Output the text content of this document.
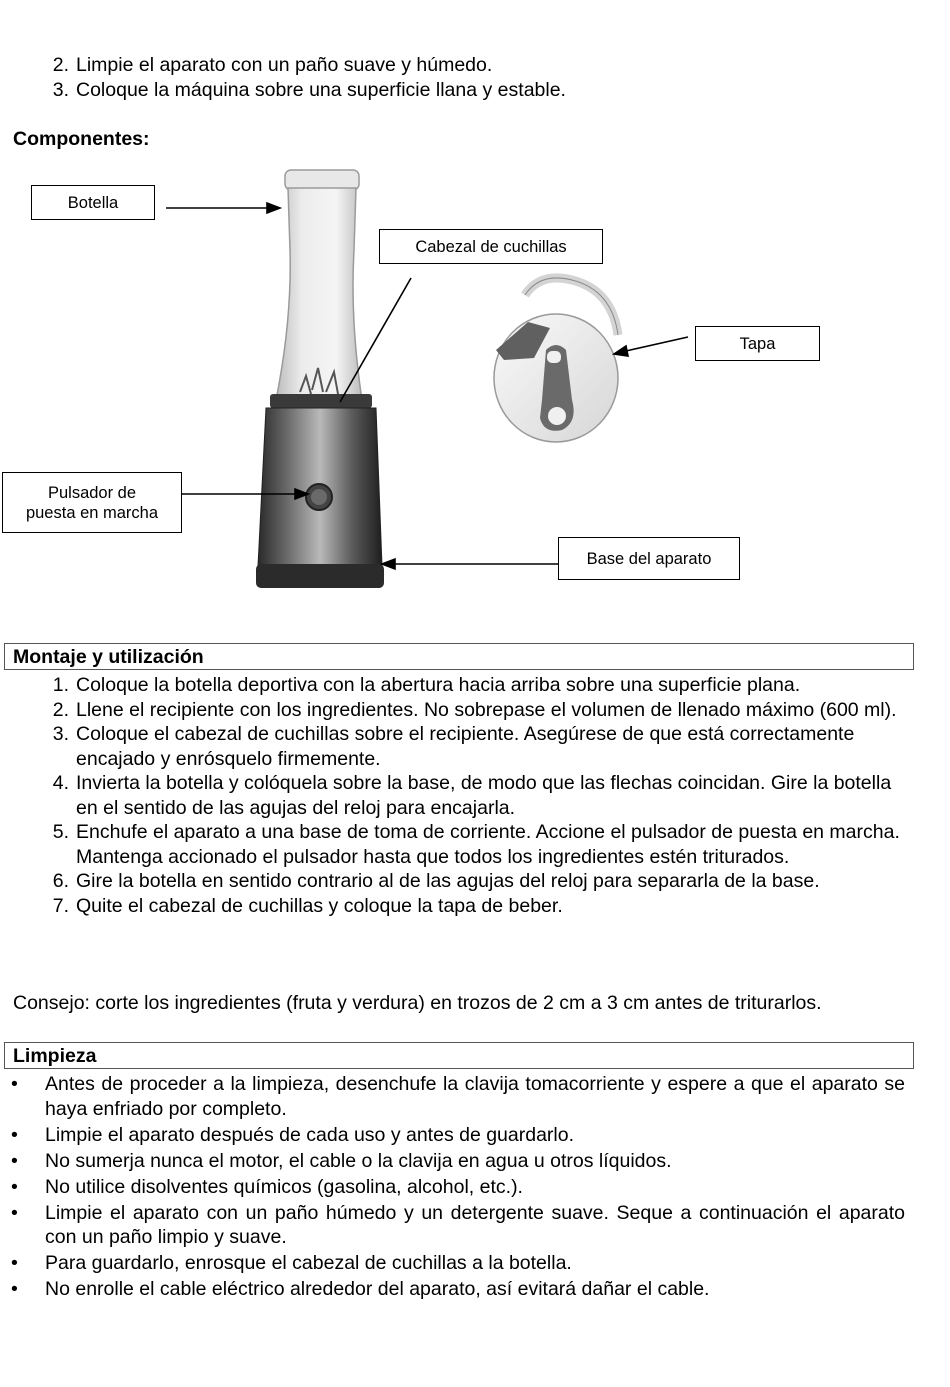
2. Limpie el aparato con un paño suave y húmedo.
3. Coloque la máquina sobre una superficie llana y estable.
Componentes:
Botella
Cabezal de cuchillas
Tapa
Pulsador de
puesta en marcha
Base del aparato
Montaje y utilización
1. Coloque la botella deportiva con la abertura hacia arriba sobre una superficie plana.
2. Llene el recipiente con los ingredientes. No sobrepase el volumen de llenado máximo (600 ml).
3. Coloque el cabezal de cuchillas sobre el recipiente. Asegúrese de que está correctamente encajado y enrósquelo firmemente.
4. Invierta la botella y colóquela sobre la base, de modo que las flechas coincidan. Gire la botella en el sentido de las agujas del reloj para encajarla.
5. Enchufe el aparato a una base de toma de corriente. Accione el pulsador de puesta en marcha. Mantenga accionado el pulsador hasta que todos los ingredientes estén triturados.
6. Gire la botella en sentido contrario al de las agujas del reloj para separarla de la base.
7. Quite el cabezal de cuchillas y coloque la tapa de beber.
Consejo: corte los ingredientes (fruta y verdura) en trozos de 2 cm a 3 cm antes de triturarlos.
Limpieza
• Antes de proceder a la limpieza, desenchufe la clavija tomacorriente y espere a que el aparato se haya enfriado por completo.
• Limpie el aparato después de cada uso y antes de guardarlo.
• No sumerja nunca el motor, el cable o la clavija en agua u otros líquidos.
• No utilice disolventes químicos (gasolina, alcohol, etc.).
• Limpie el aparato con un paño húmedo y un detergente suave. Seque a continuación el aparato con un paño limpio y suave.
• Para guardarlo, enrosque el cabezal de cuchillas a la botella.
• No enrolle el cable eléctrico alrededor del aparato, así evitará dañar el cable.
